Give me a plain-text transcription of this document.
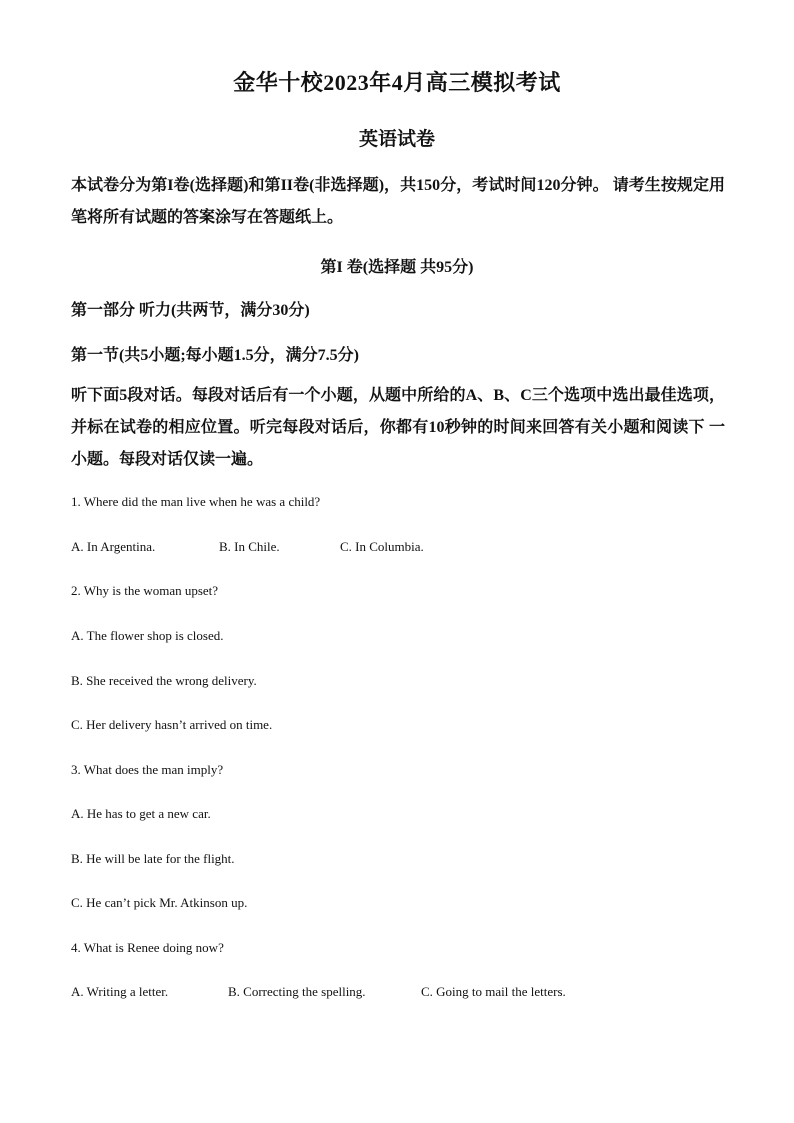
金华十校2023年4月高三模拟考试
英语试卷
本试卷分为第I卷(选择题)和第II卷(非选择题)，共150分，考试时间120分钟。 请考生按规定用笔将所有试题的答案涂写在答题纸上。
第I 卷(选择题 共95分)
第一部分 听力(共两节，满分30分)
第一节(共5小题;每小题1.5分，满分7.5分)
听下面5段对话。每段对话后有一个小题，从题中所给的A、B、C三个选项中选出最佳选项，并标在试卷的相应位置。听完每段对话后，你都有10秒钟的时间来回答有关小题和阅读下 一小题。每段对话仅读一遍。
1. Where did the man live when he was a child?
A. In Argentina.	B. In Chile.	C. In Columbia.
2. Why is the woman upset?
A. The flower shop is closed.
B. She received the wrong delivery.
C. Her delivery hasn’t arrived on time.
3. What does the man imply?
A. He has to get a new car.
B. He will be late for the flight.
C. He can’t pick Mr. Atkinson up.
4. What is Renee doing now?
A. Writing a letter.	B. Correcting the spelling.	C. Going to mail the letters.
